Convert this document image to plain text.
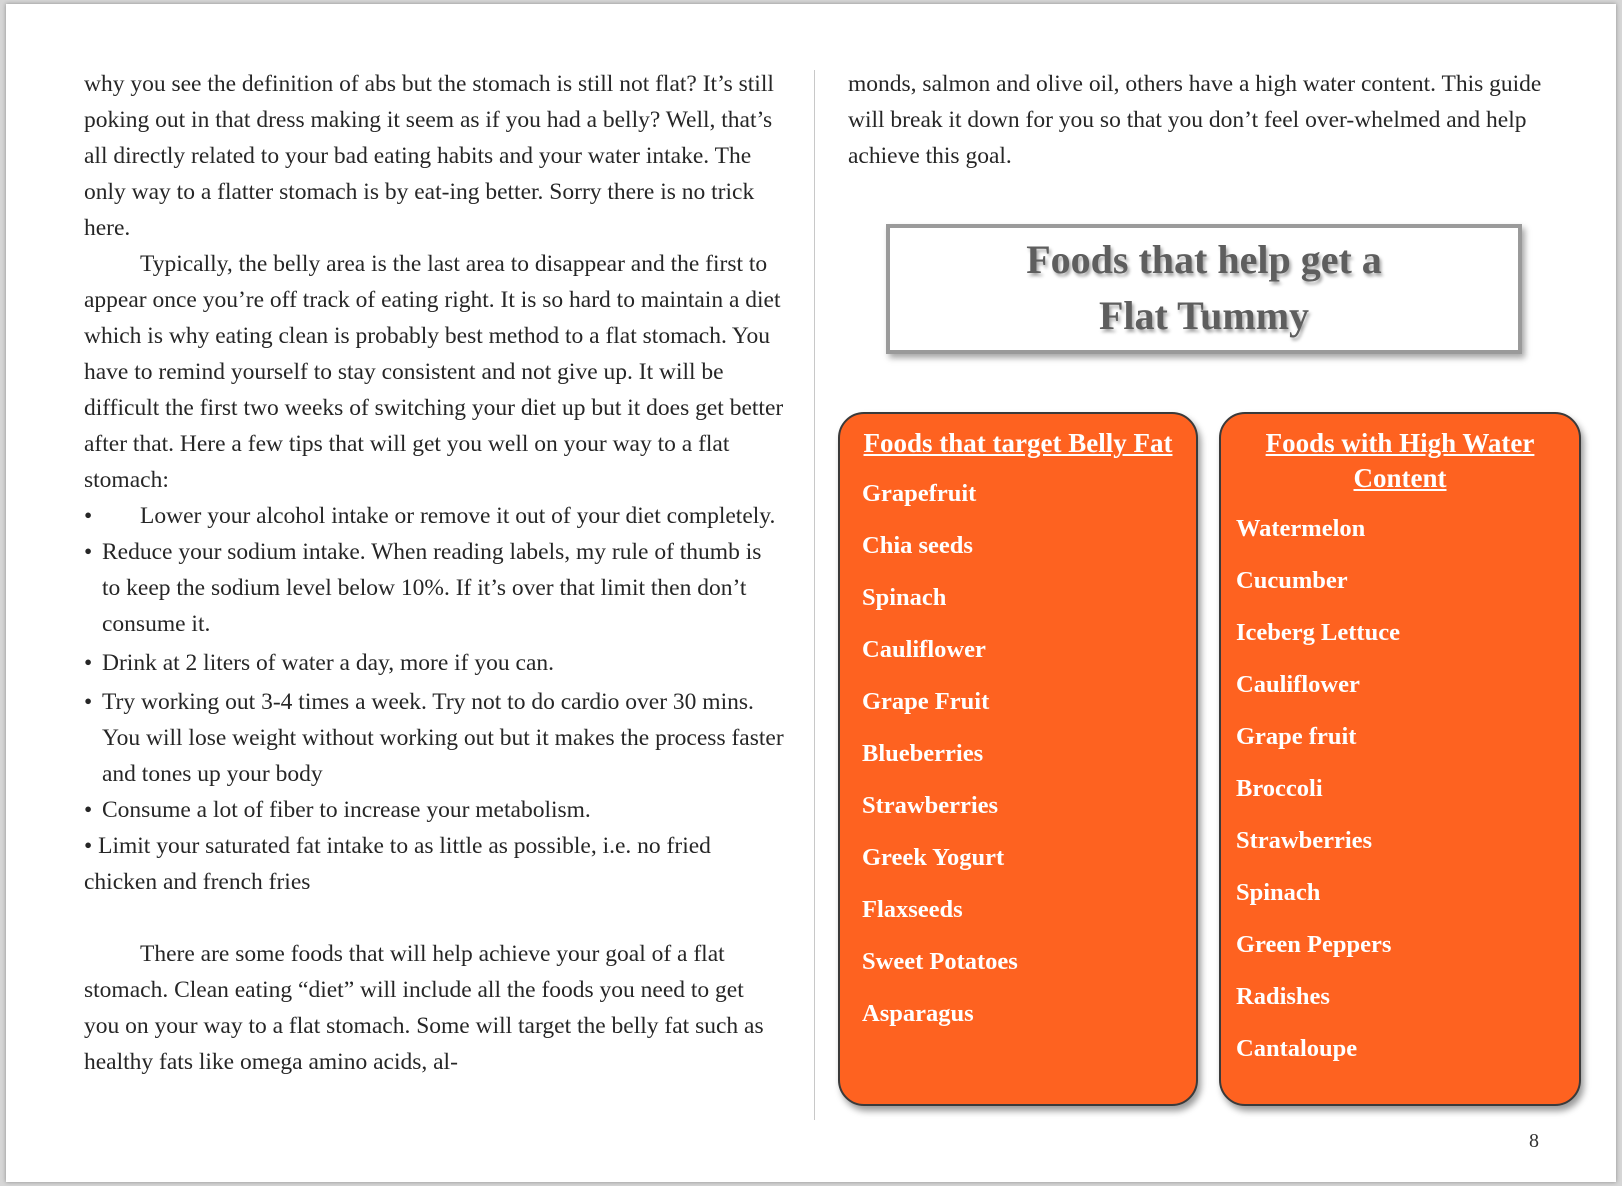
why you see the definition of abs but the stomach is still not flat? It’s still poking out in that dress making it seem as if you had a belly? Well, that’s all directly related to your bad eating habits and your water intake. The only way to a flatter stomach is by eat-ing better. Sorry there is no trick here.

Typically, the belly area is the last area to disappear and the first to appear once you’re off track of eating right. It is so hard to maintain a diet which is why eating clean is probably best method to a flat stomach. You have to remind yourself to stay consistent and not give up. It will be difficult the first two weeks of switching your diet up but it does get better after that. Here a few tips that will get you well on your way to a flat stomach:

• Lower your alcohol intake or remove it out of your diet completely.
• Reduce your sodium intake. When reading labels, my rule of thumb is to keep the sodium level below 10%. If it’s over that limit then don’t consume it.
• Drink at 2 liters of water a day, more if you can.
• Try working out 3-4 times a week. Try not to do cardio over 30 mins. You will lose weight without working out but it makes the process faster and tones up your body
• Consume a lot of fiber to increase your metabolism.

• Limit your saturated fat intake to as little as possible, i.e. no fried chicken and french fries

There are some foods that will help achieve your goal of a flat stomach. Clean eating “diet” will include all the foods you need to get you on your way to a flat stomach. Some will target the belly fat such as healthy fats like omega amino acids, al-

monds, salmon and olive oil, others have a high water content. This guide will break it down for you so that you don’t feel over-whelmed and help achieve this goal.

Foods that help get a
Flat Tummy
Foods that target Belly Fat
Grapefruit
Chia seeds
Spinach
Cauliflower
Grape Fruit
Blueberries
Strawberries
Greek Yogurt
Flaxseeds
Sweet Potatoes
Asparagus
Foods with High Water Content
Watermelon
Cucumber
Iceberg Lettuce
Cauliflower
Grape fruit
Broccoli
Strawberries
Spinach
Green Peppers
Radishes
Cantaloupe
8
